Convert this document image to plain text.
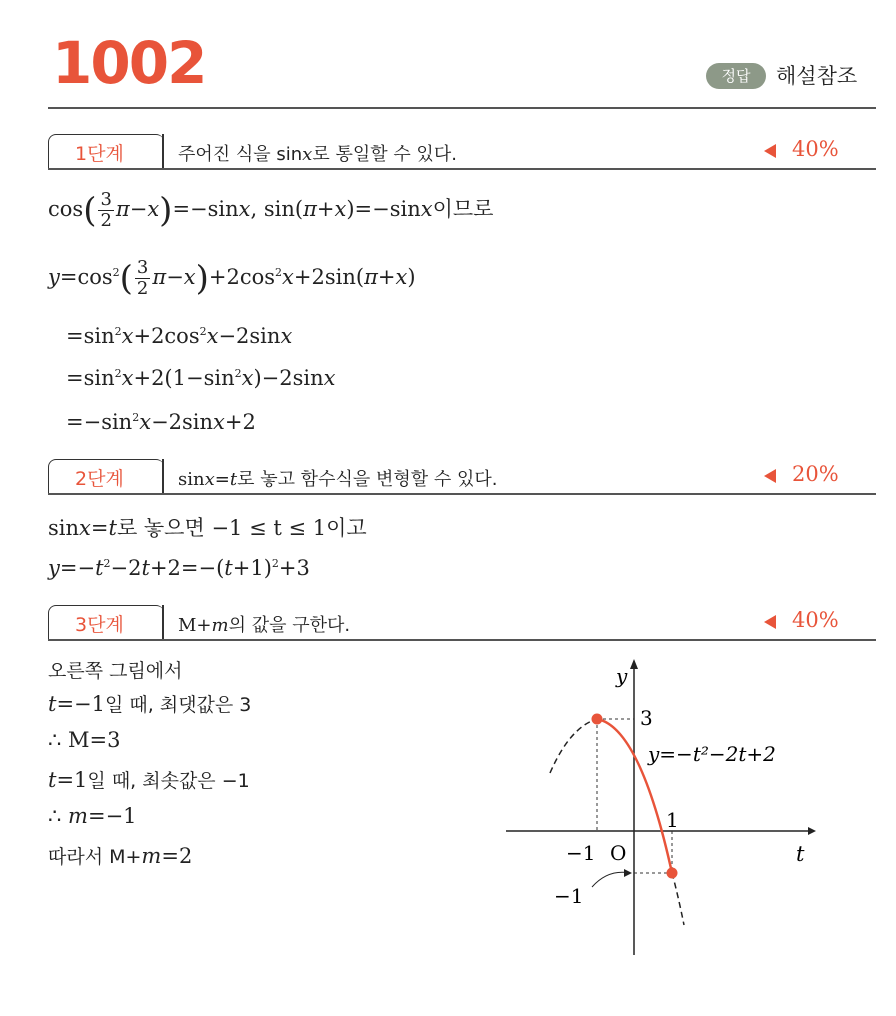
1002	정답	해설참조
1단계	주어진 식을 sinx로 통일할 수 있다.	40%
$\cos( \frac{3}{2} \pi-x)=-\sin x$, sin(π+x)=−sinx이므로
$y=\cos^2( \frac{3}{2} \pi-x)+2\cos^2x+2\sin(\pi+x)$
$=\sin^2x+2\cos^2x-2\sin x$
$=\sin^2x+2(1-\sin^2x)-2\sin x$
$=-\sin^2x-2\sin x+2$
2단계	sinx=t로 놓고 함수식을 변형할 수 있다.	20%
sinx=t로 놓으면 −1 ≤ t ≤ 1이고
$y=-t^2-2t+2=-(t+1)^2+3$
3단계	M+m의 값을 구한다.	40%
오른쪽 그림에서
t=−1일 때, 최댓값은 3
∴ M=3
t=1일 때, 최솟값은 −1
∴ m=−1
따라서 M+m=2
y
t
O
3
−1
1
−1
y=−t²−2t+2
